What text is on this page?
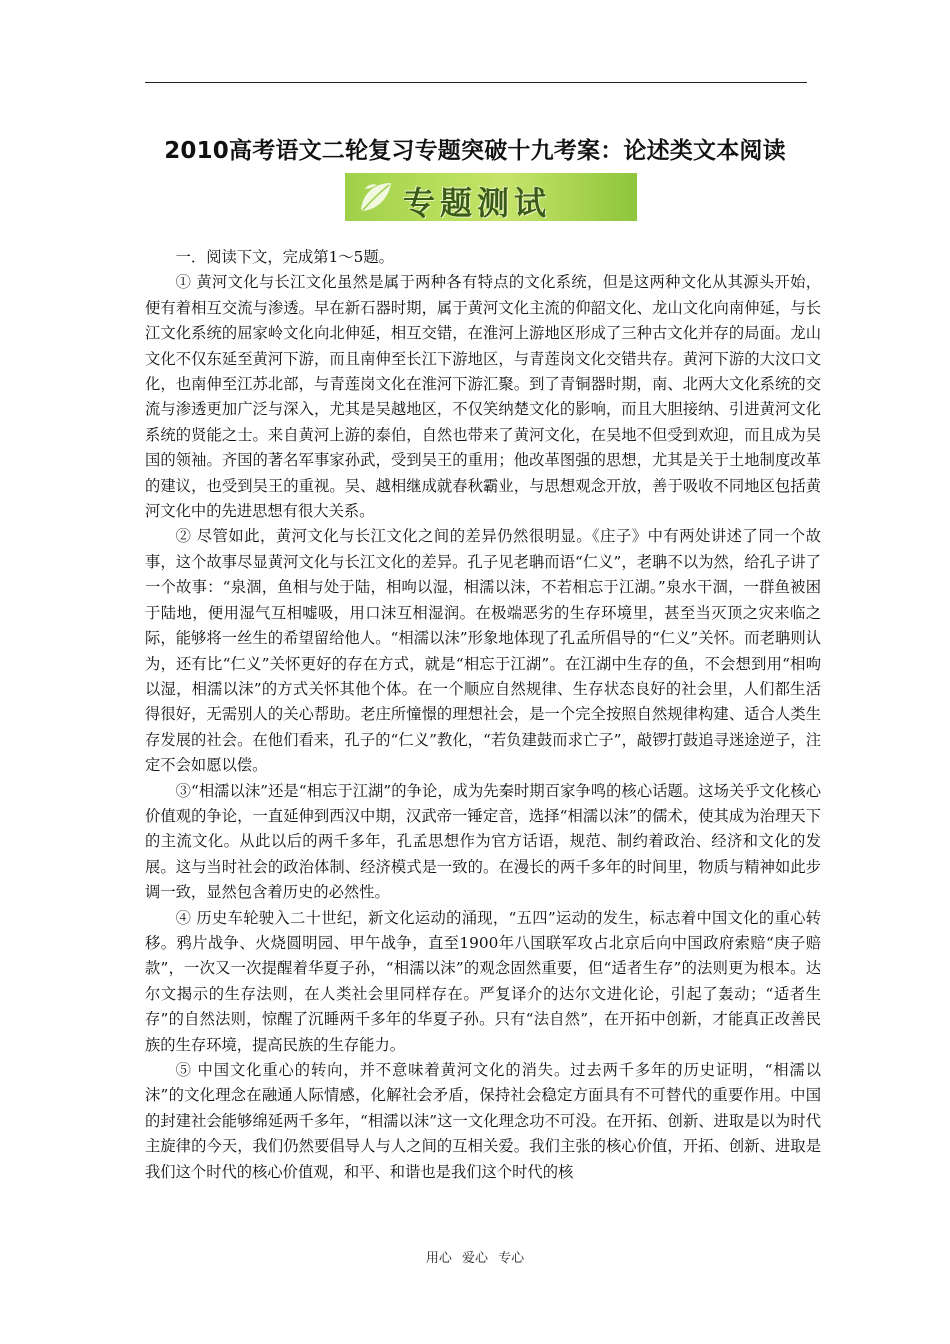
2010高考语文二轮复习专题突破十九考案：论述类文本阅读
专题测试

一．阅读下文，完成第1～5题。

① 黄河文化与长江文化虽然是属于两种各有特点的文化系统，但是这两种文化从其源头开始，便有着相互交流与渗透。早在新石器时期，属于黄河文化主流的仰韶文化、龙山文化向南伸延，与长江文化系统的屈家岭文化向北伸延，相互交错，在淮河上游地区形成了三种古文化并存的局面。龙山文化不仅东延至黄河下游，而且南伸至长江下游地区，与青莲岗文化交错共存。黄河下游的大汶口文化，也南伸至江苏北部，与青莲岗文化在淮河下游汇聚。到了青铜器时期，南、北两大文化系统的交流与渗透更加广泛与深入，尤其是吴越地区，不仅笑纳楚文化的影响，而且大胆接纳、引进黄河文化系统的贤能之士。来自黄河上游的泰伯，自然也带来了黄河文化，在吴地不但受到欢迎，而且成为吴国的领袖。齐国的著名军事家孙武，受到吴王的重用；他改革图强的思想，尤其是关于土地制度改革的建议，也受到吴王的重视。吴、越相继成就春秋霸业，与思想观念开放，善于吸收不同地区包括黄河文化中的先进思想有很大关系。

② 尽管如此，黄河文化与长江文化之间的差异仍然很明显。《庄子》中有两处讲述了同一个故事，这个故事尽显黄河文化与长江文化的差异。孔子见老聃而语“仁义”，老聃不以为然，给孔子讲了一个故事：“泉涸，鱼相与处于陆，相呴以湿，相濡以沫，不若相忘于江湖。”泉水干涸，一群鱼被困于陆地，便用湿气互相嘘吸，用口沫互相湿润。在极端恶劣的生存环境里，甚至当灭顶之灾来临之际，能够将一丝生的希望留给他人。“相濡以沫”形象地体现了孔孟所倡导的“仁义”关怀。而老聃则认为，还有比“仁义”关怀更好的存在方式，就是“相忘于江湖”。在江湖中生存的鱼，不会想到用“相呴以湿，相濡以沫”的方式关怀其他个体。在一个顺应自然规律、生存状态良好的社会里，人们都生活得很好，无需别人的关心帮助。老庄所憧憬的理想社会，是一个完全按照自然规律构建、适合人类生存发展的社会。在他们看来，孔子的“仁义”教化，“若负建鼓而求亡子”，敲锣打鼓追寻迷途逆子，注定不会如愿以偿。

③“相濡以沫”还是“相忘于江湖”的争论，成为先秦时期百家争鸣的核心话题。这场关乎文化核心价值观的争论，一直延伸到西汉中期，汉武帝一锤定音，选择“相濡以沫”的儒术，使其成为治理天下的主流文化。从此以后的两千多年，孔孟思想作为官方话语，规范、制约着政治、经济和文化的发展。这与当时社会的政治体制、经济模式是一致的。在漫长的两千多年的时间里，物质与精神如此步调一致，显然包含着历史的必然性。

④ 历史车轮驶入二十世纪，新文化运动的涌现，“五四”运动的发生，标志着中国文化的重心转移。鸦片战争、火烧圆明园、甲午战争，直至1900年八国联军攻占北京后向中国政府索赔“庚子赔款”，一次又一次提醒着华夏子孙，“相濡以沫”的观念固然重要，但“适者生存”的法则更为根本。达尔文揭示的生存法则，在人类社会里同样存在。严复译介的达尔文进化论，引起了轰动；“适者生存”的自然法则，惊醒了沉睡两千多年的华夏子孙。只有“法自然”，在开拓中创新，才能真正改善民族的生存环境，提高民族的生存能力。

⑤ 中国文化重心的转向，并不意味着黄河文化的消失。过去两千多年的历史证明，“相濡以沫”的文化理念在融通人际情感，化解社会矛盾，保持社会稳定方面具有不可替代的重要作用。中国的封建社会能够绵延两千多年，“相濡以沫”这一文化理念功不可没。在开拓、创新、进取是以为时代主旋律的今天，我们仍然要倡导人与人之间的互相关爱。我们主张的核心价值，开拓、创新、进取是我们这个时代的核心价值观，和平、和谐也是我们这个时代的核

用心 爱心 专心
